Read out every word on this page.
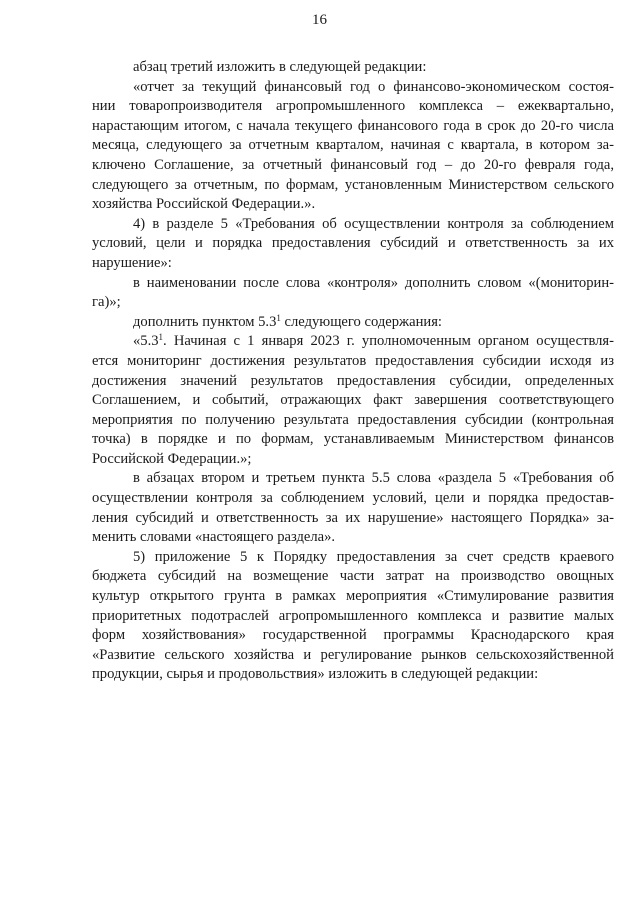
16
абзац третий изложить в следующей редакции:
«отчет за текущий финансовый год о финансово-экономическом состоя-
нии товаропроизводителя агропромышленного комплекса – ежеквартально,
нарастающим итогом, с начала текущего финансового года в срок до 20-го числа
месяца, следующего за отчетным кварталом, начиная с квартала, в котором за-
ключено Соглашение, за отчетный финансовый год – до 20-го февраля года,
следующего за отчетным, по формам, установленным Министерством сельского
хозяйства Российской Федерации.».
4) в разделе 5 «Требования об осуществлении контроля за соблюдением
условий, цели и порядка предоставления субсидий и ответственность за их
нарушение»:
в наименовании после слова «контроля» дополнить словом «(мониторин-
га)»;
дополнить пунктом $5.3^1$ следующего содержания:
«$5.3^1$. Начиная с 1 января 2023 г. уполномоченным органом осуществля-
ется мониторинг достижения результатов предоставления субсидии исходя из
достижения значений результатов предоставления субсидии, определенных
Соглашением, и событий, отражающих факт завершения соответствующего
мероприятия по получению результата предоставления субсидии (контрольная
точка) в порядке и по формам, устанавливаемым Министерством финансов
Российской Федерации.»;
в абзацах втором и третьем пункта 5.5 слова «раздела 5 «Требования об
осуществлении контроля за соблюдением условий, цели и порядка предостав-
ления субсидий и ответственность за их нарушение» настоящего Порядка» за-
менить словами «настоящего раздела».
5) приложение 5 к Порядку предоставления за счет средств краевого
бюджета субсидий на возмещение части затрат на производство овощных
культур открытого грунта в рамках мероприятия «Стимулирование развития
приоритетных подотраслей агропромышленного комплекса и развитие малых
форм хозяйствования» государственной программы Краснодарского края
«Развитие сельского хозяйства и регулирование рынков сельскохозяйственной
продукции, сырья и продовольствия» изложить в следующей редакции:
